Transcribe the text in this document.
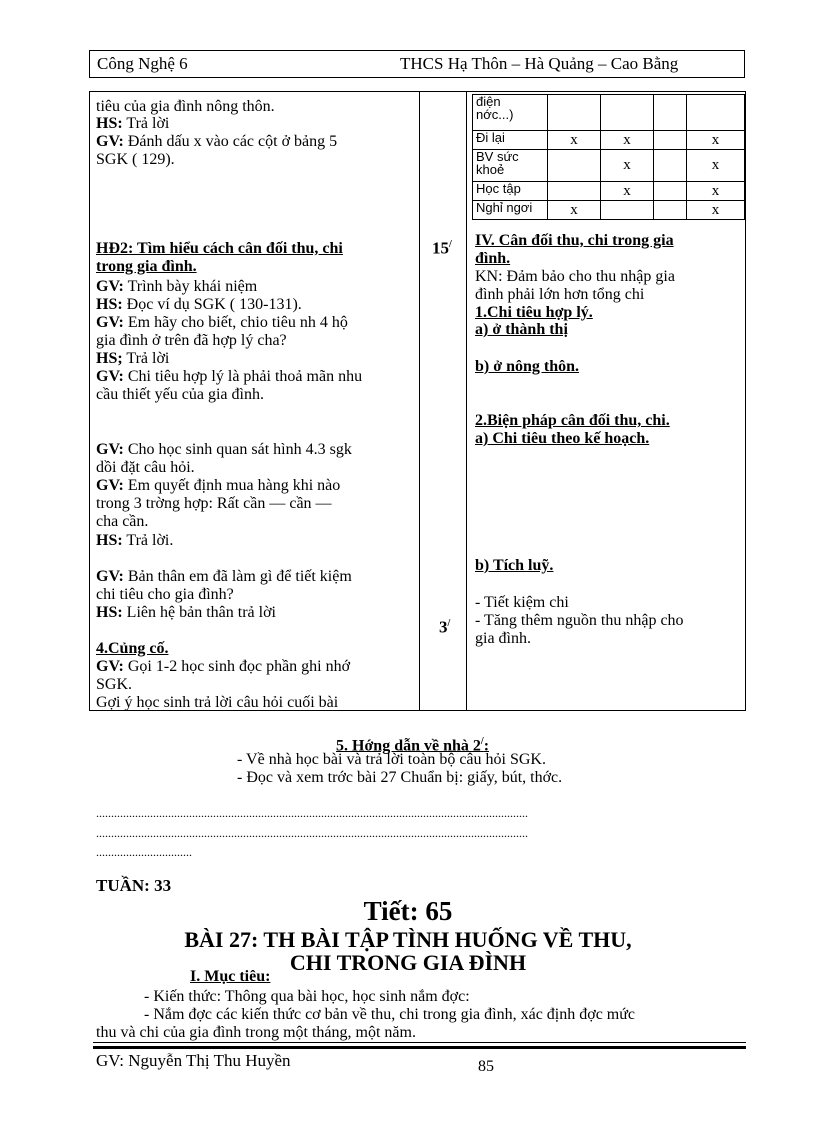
Công Nghệ 6	THCS Hạ Thôn – Hà Quảng – Cao Bằng
tiêu của gia đình nông thôn.
HS: Trả lời
GV: Đánh dấu x vào các cột ở bảng 5
SGK ( 129).
HĐ2: Tìm hiểu cách cân đối thu, chi
trong gia đình.
GV: Trình bày khái niệm
HS: Đọc ví dụ SGK ( 130-131).
GV: Em hãy cho biết, chio tiêu nh 4 hộ
gia đình ở trên đã hợp lý cha?
HS; Trả lời
GV: Chi tiêu hợp lý là phải thoả mãn nhu
cầu thiết yếu của gia đình.
GV: Cho học sinh quan sát hình 4.3 sgk
dồi đặt câu hỏi.
GV: Em quyết định mua hàng khi nào
trong 3 trờng hợp: Rất cần — cần —
cha cần.
HS: Trả lời.
GV: Bản thân em đã làm gì để tiết kiệm
chi tiêu cho gia đình?
HS: Liên hệ bản thân trả lời
4.Củng cố.
GV: Gọi 1-2 học sinh đọc phần ghi nhớ
SGK.
Gợi ý học sinh trả lời câu hỏi cuối bài
15/
3/
điện
nớc...)				
Đi lại	x	x		x
BV sức
khoẻ		x		x
Học tập		x		x
Nghỉ ngơi	x			x
IV. Cân đối thu, chi trong gia
đình.
KN: Đảm bảo cho thu nhập gia
đình phải lớn hơn tổng chi
1.Chi tiêu hợp lý.
a) ở thành thị
b) ở nông thôn.
2.Biện pháp cân đối thu, chi.
a) Chi tiêu theo kế hoạch.
b) Tích luỹ.
- Tiết kiệm chi
- Tăng thêm nguồn thu nhập cho
gia đình.
5. Hớng dẫn về nhà 2/:
- Về nhà học bài và trả lời toàn bộ câu hỏi SGK.
- Đọc và xem trớc bài 27 Chuẩn bị: giấy, bút, thớc.
................................................................................................................................................
................................................................................................................................................
................................
TUẦN: 33
Tiết: 65
BÀI 27: TH BÀI TẬP TÌNH HUỐNG VỀ THU,
CHI TRONG GIA ĐÌNH
I. Mục tiêu:
- Kiến thức: Thông qua bài học, học sinh nắm đợc:
- Nắm đợc các kiến thức cơ bản về thu, chi trong gia đình, xác định đợc mức
thu và chi của gia đình trong một tháng, một năm.
GV: Nguyễn Thị Thu Huyền	85
